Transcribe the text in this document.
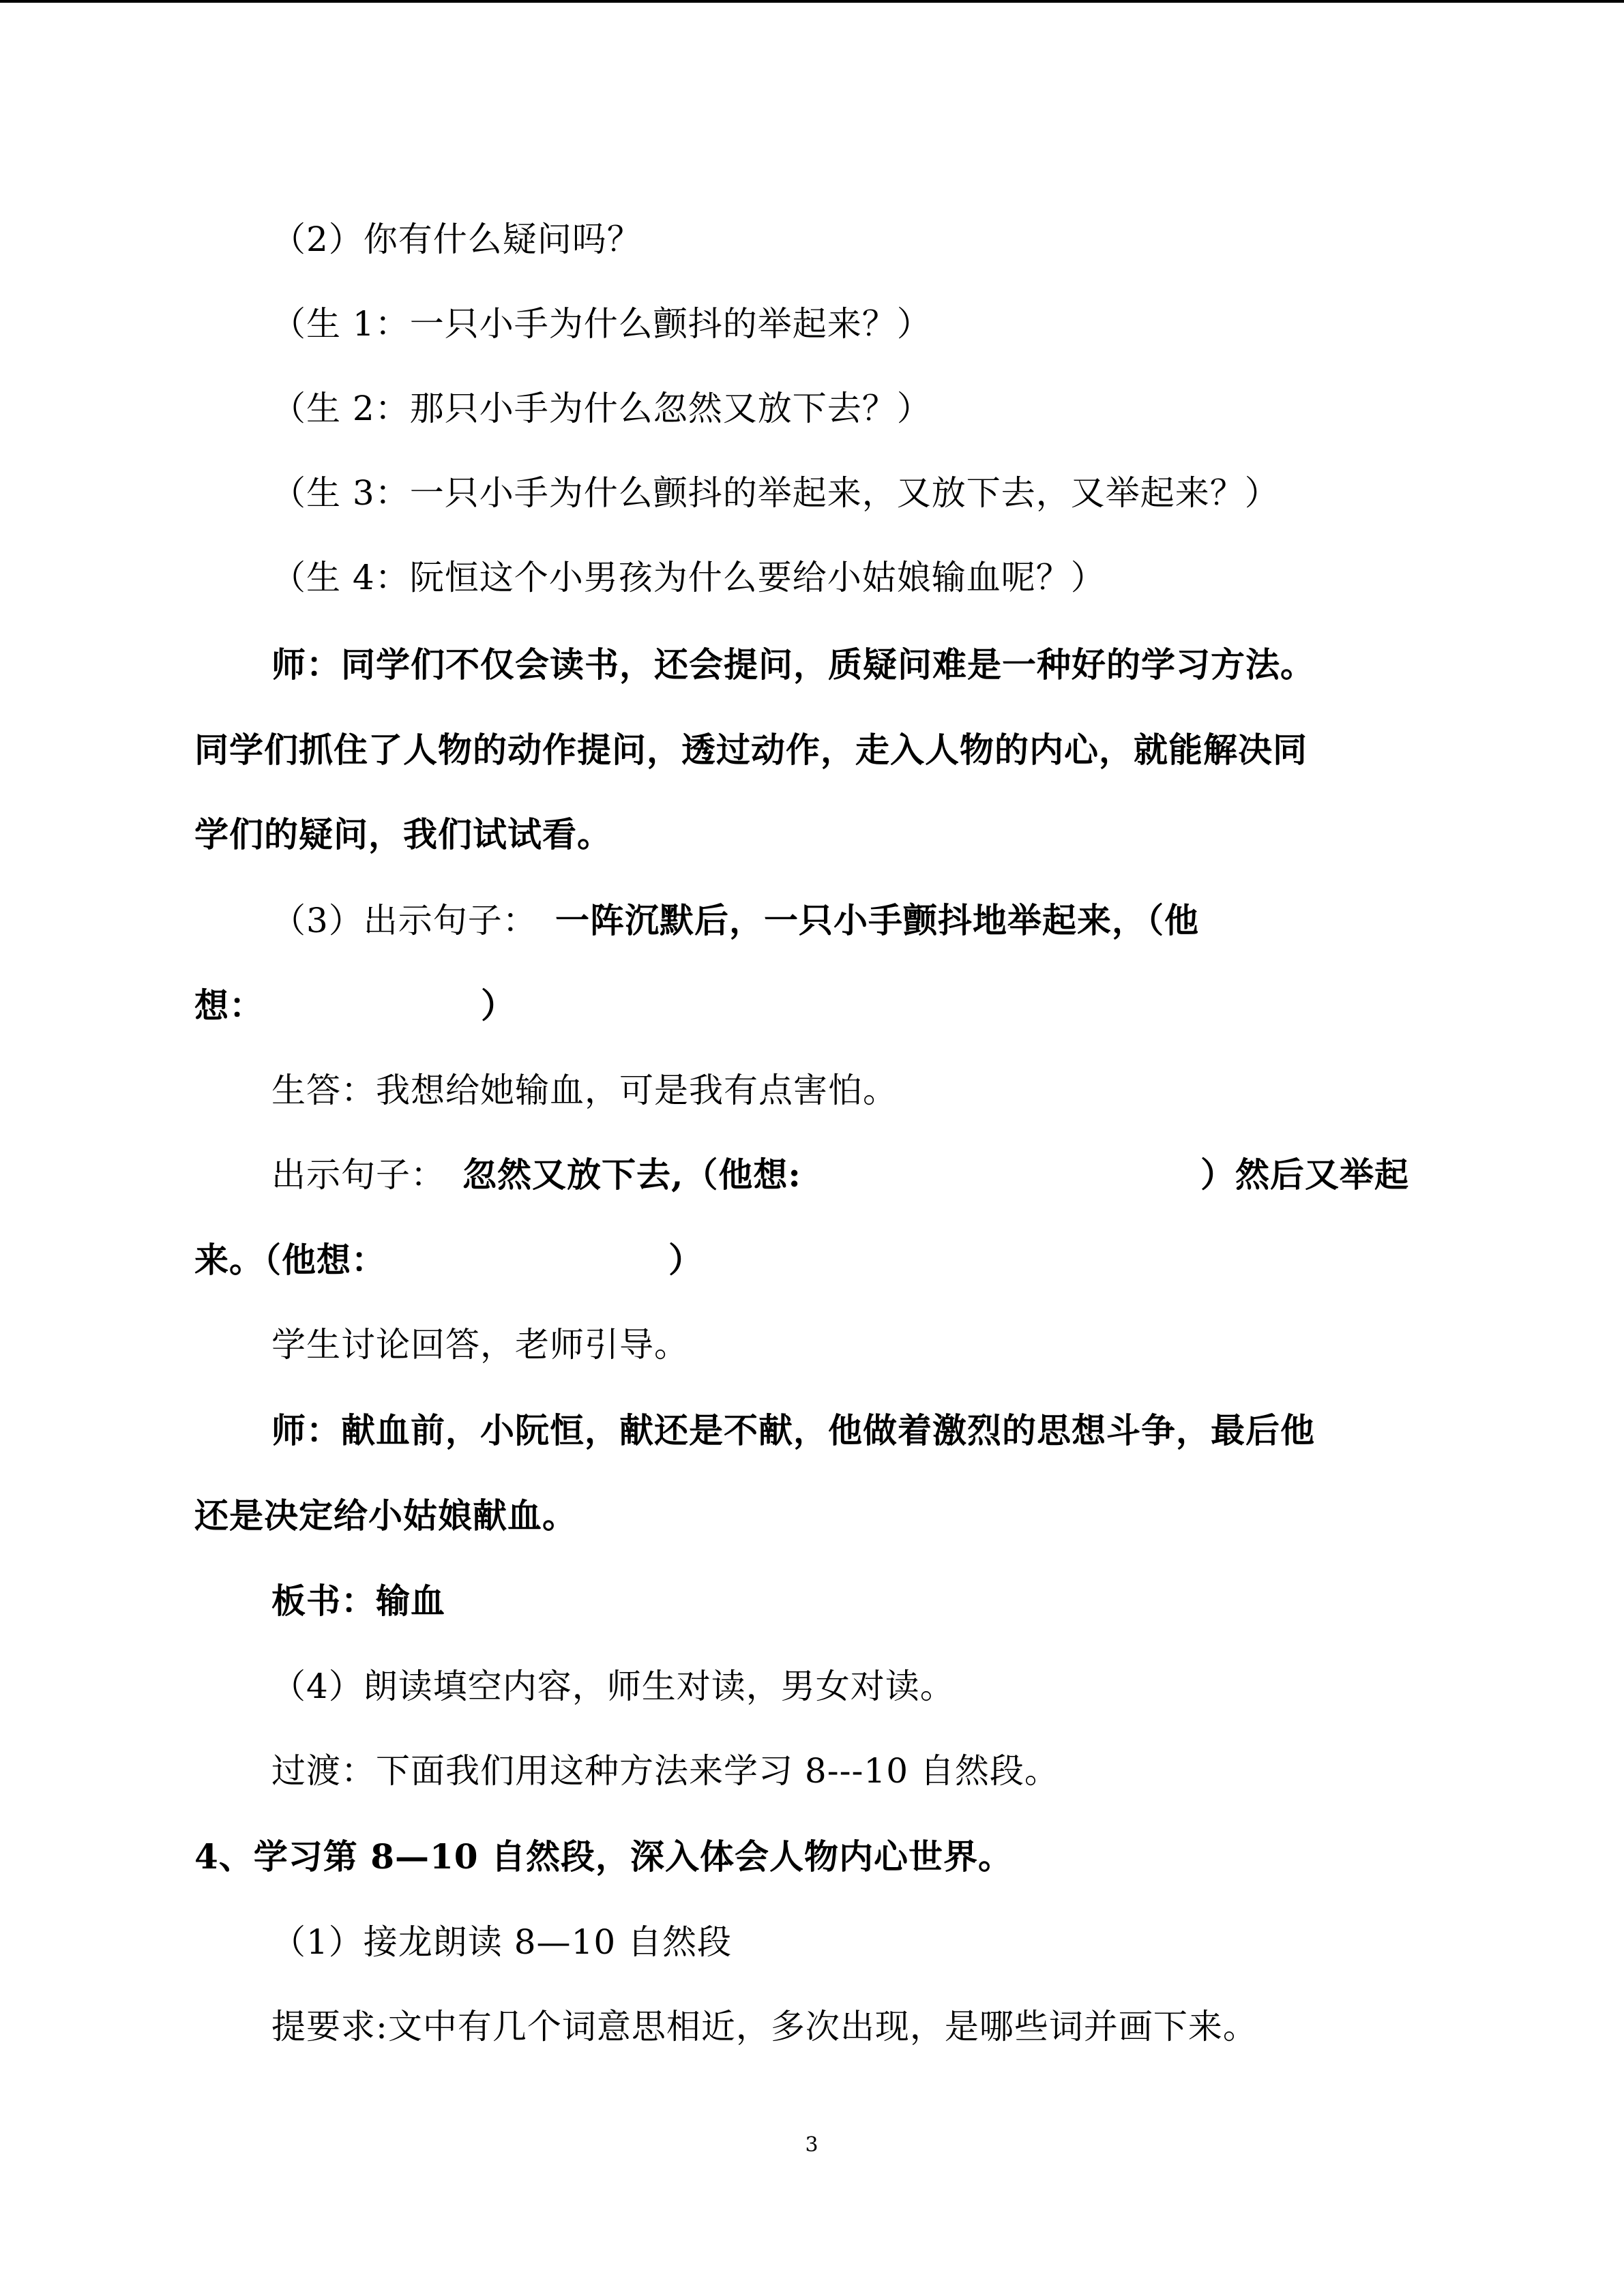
（2）你有什么疑问吗？
（生 1：一只小手为什么颤抖的举起来？）
（生 2：那只小手为什么忽然又放下去？）
（生 3：一只小手为什么颤抖的举起来，又放下去，又举起来？）
（生 4：阮恒这个小男孩为什么要给小姑娘输血呢？）
师：同学们不仅会读书，还会提问，质疑问难是一种好的学习方法。
同学们抓住了人物的动作提问，透过动作，走入人物的内心，就能解决同
学们的疑问，我们试试看。
（3）出示句子： 一阵沉默后，一只小手颤抖地举起来，（他
想：	）
生答：我想给她输血，可是我有点害怕。
出示句子： 忽然又放下去,（他想:	）然后又举起
来。（他想：	）
学生讨论回答，老师引导。
师：献血前，小阮恒，献还是不献，他做着激烈的思想斗争，最后他
还是决定给小姑娘献血。
板书：输血
（4）朗读填空内容，师生对读，男女对读。
过渡：下面我们用这种方法来学习 8---10 自然段。
4、学习第 8—10 自然段，深入体会人物内心世界。
（1）接龙朗读 8—10 自然段
提要求:文中有几个词意思相近，多次出现，是哪些词并画下来。
3
